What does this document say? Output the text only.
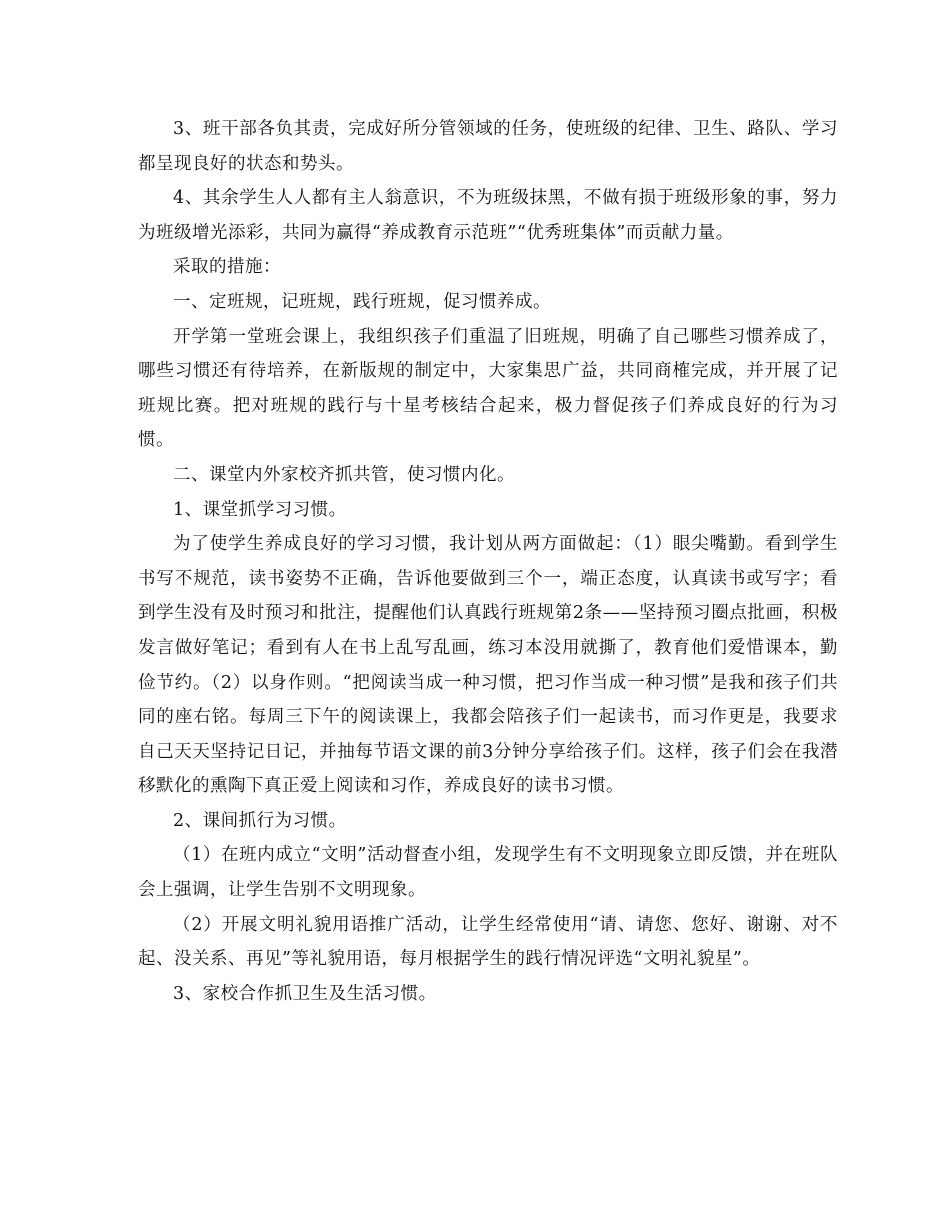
3、班干部各负其责，完成好所分管领域的任务，使班级的纪律、卫生、路队、学习都呈现良好的状态和势头。

4、其余学生人人都有主人翁意识，不为班级抹黑，不做有损于班级形象的事，努力为班级增光添彩，共同为赢得“养成教育示范班”“优秀班集体”而贡献力量。

采取的措施：

一、定班规，记班规，践行班规，促习惯养成。

开学第一堂班会课上，我组织孩子们重温了旧班规，明确了自己哪些习惯养成了，哪些习惯还有待培养，在新版规的制定中，大家集思广益，共同商榷完成，并开展了记班规比赛。把对班规的践行与十星考核结合起来，极力督促孩子们养成良好的行为习惯。

二、课堂内外家校齐抓共管，使习惯内化。

1、课堂抓学习习惯。

为了使学生养成良好的学习习惯，我计划从两方面做起：（1）眼尖嘴勤。看到学生书写不规范，读书姿势不正确，告诉他要做到三个一，端正态度，认真读书或写字；看到学生没有及时预习和批注，提醒他们认真践行班规第2条——坚持预习圈点批画，积极发言做好笔记；看到有人在书上乱写乱画，练习本没用就撕了，教育他们爱惜课本，勤俭节约。（2）以身作则。“把阅读当成一种习惯，把习作当成一种习惯”是我和孩子们共同的座右铭。每周三下午的阅读课上，我都会陪孩子们一起读书，而习作更是，我要求自己天天坚持记日记，并抽每节语文课的前3分钟分享给孩子们。这样，孩子们会在我潜移默化的熏陶下真正爱上阅读和习作，养成良好的读书习惯。

2、课间抓行为习惯。

（1）在班内成立“文明”活动督查小组，发现学生有不文明现象立即反馈，并在班队会上强调，让学生告别不文明现象。

（2）开展文明礼貌用语推广活动，让学生经常使用“请、请您、您好、谢谢、对不起、没关系、再见”等礼貌用语，每月根据学生的践行情况评选“文明礼貌星”。

3、家校合作抓卫生及生活习惯。
